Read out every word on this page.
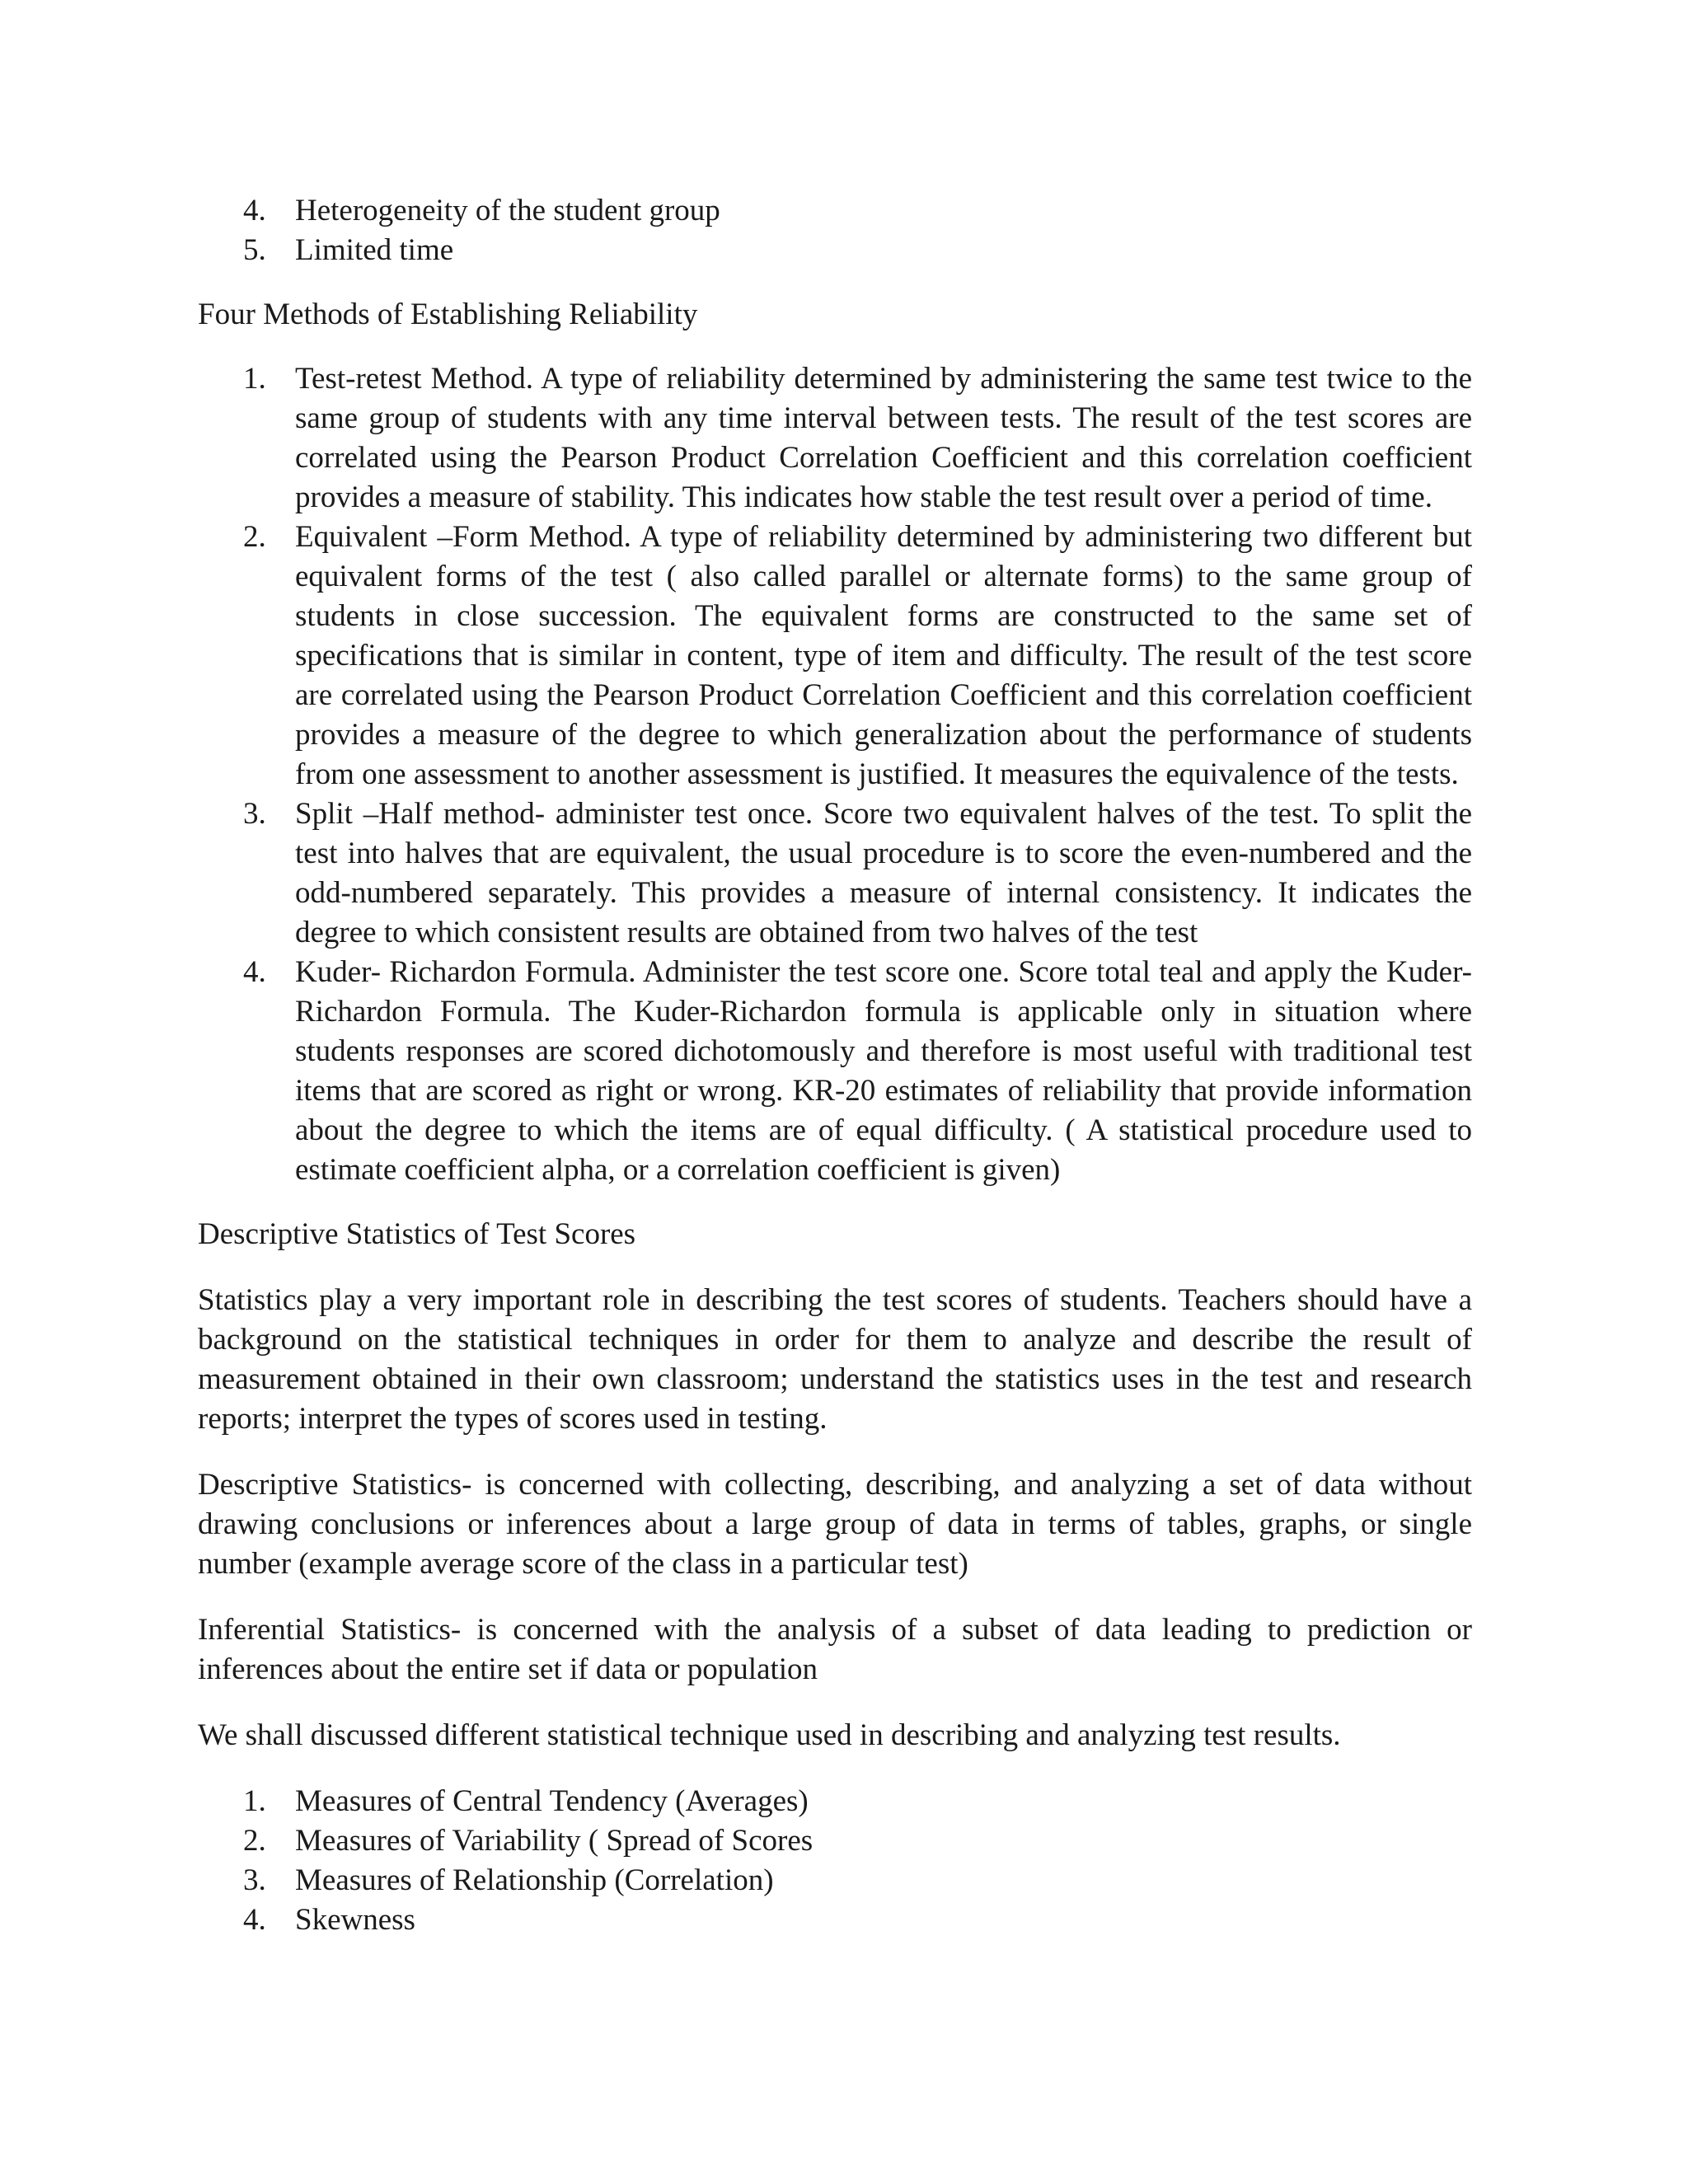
4. Heterogeneity of the student group
5. Limited time
Four Methods of Establishing Reliability
1. Test-retest Method. A type of reliability determined by administering the same test twice to the same group of students with any time interval between tests. The result of the test scores are correlated using the Pearson Product Correlation Coefficient and this correlation coefficient provides a measure of stability. This indicates how stable the test result over a period of time.
2. Equivalent –Form Method. A type of reliability determined by administering two different but equivalent forms of the test ( also called parallel or alternate forms) to the same group of students in close succession. The equivalent forms are constructed to the same set of specifications that is similar in content, type of item and difficulty. The result of the test score are correlated using the Pearson Product Correlation Coefficient and this correlation coefficient provides a measure of the degree to which generalization about the performance of students from one assessment to another assessment is justified. It measures the equivalence of the tests.
3. Split –Half method- administer test once. Score two equivalent halves of the test. To split the test into halves that are equivalent, the usual procedure is to score the even-numbered and the odd-numbered separately. This provides a measure of internal consistency. It indicates the degree to which consistent results are obtained from two halves of the test
4. Kuder- Richardon Formula. Administer the test score one. Score total teal and apply the Kuder-Richardon Formula. The Kuder-Richardon formula is applicable only in situation where students responses are scored dichotomously and therefore is most useful with traditional test items that are scored as right or wrong. KR-20 estimates of reliability that provide information about the degree to which the items are of equal difficulty. ( A statistical procedure used to estimate coefficient alpha, or a correlation coefficient is given)
Descriptive Statistics of Test Scores

Statistics play a very important role in describing the test scores of students. Teachers should have a background on the statistical techniques in order for them to analyze and describe the result of measurement obtained in their own classroom; understand the statistics uses in the test and research reports; interpret the types of scores used in testing.

Descriptive Statistics- is concerned with collecting, describing, and analyzing a set of data without drawing conclusions or inferences about a large group of data in terms of tables, graphs, or single number (example average score of the class in a particular test)

Inferential Statistics- is concerned with the analysis of a subset of data leading to prediction or inferences about the entire set if data or population

We shall discussed different statistical technique used in describing and analyzing test results.

1. Measures of Central Tendency (Averages)
2. Measures of Variability ( Spread of Scores
3. Measures of Relationship (Correlation)
4. Skewness
